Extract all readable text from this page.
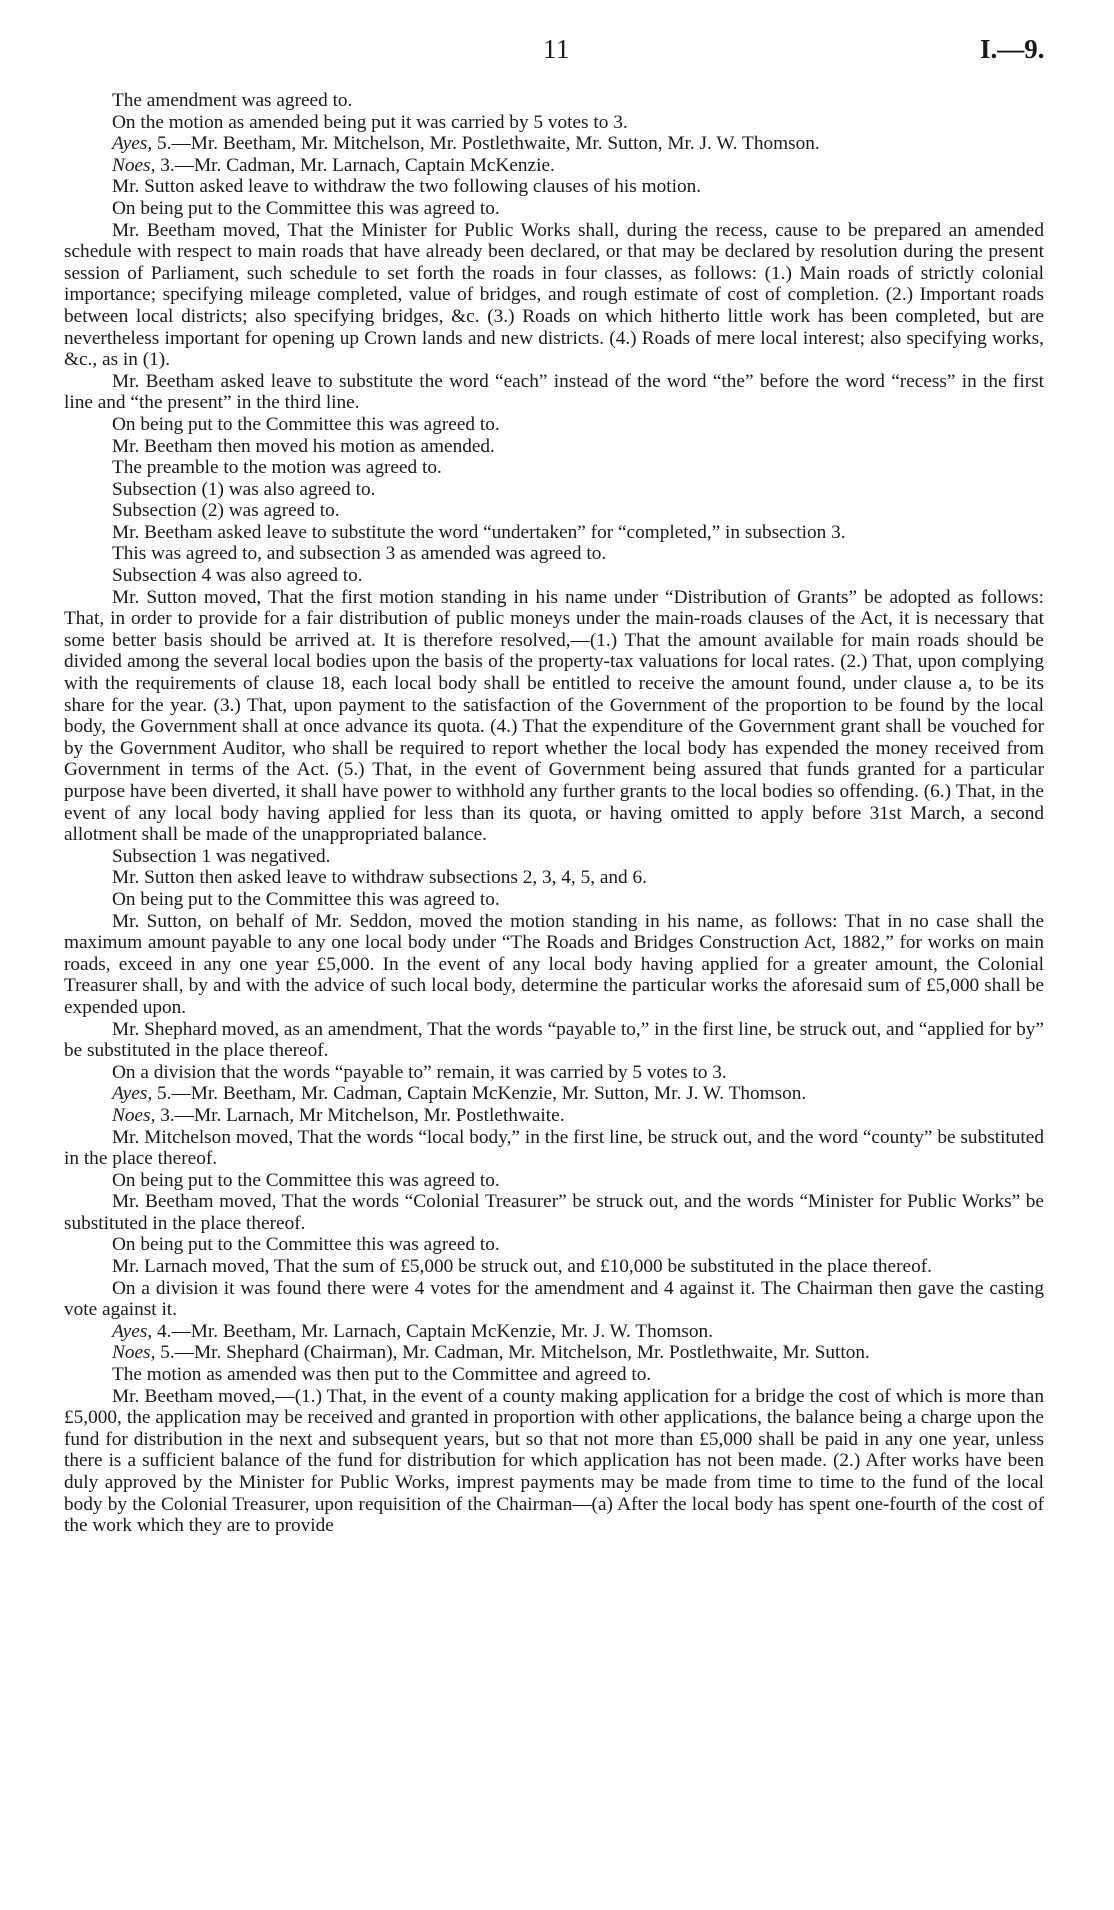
11	I.—9.

The amendment was agreed to.

On the motion as amended being put it was carried by 5 votes to 3.

Ayes, 5.—Mr. Beetham, Mr. Mitchelson, Mr. Postlethwaite, Mr. Sutton, Mr. J. W. Thomson.

Noes, 3.—Mr. Cadman, Mr. Larnach, Captain McKenzie.

Mr. Sutton asked leave to withdraw the two following clauses of his motion.

On being put to the Committee this was agreed to.

Mr. Beetham moved, That the Minister for Public Works shall, during the recess, cause to be prepared an amended schedule with respect to main roads that have already been declared, or that may be declared by resolution during the present session of Parliament, such schedule to set forth the roads in four classes, as follows: (1.) Main roads of strictly colonial importance; specifying mileage completed, value of bridges, and rough estimate of cost of completion. (2.) Important roads between local districts; also specifying bridges, &c. (3.) Roads on which hitherto little work has been completed, but are nevertheless important for opening up Crown lands and new districts. (4.) Roads of mere local interest; also specifying works, &c., as in (1).

Mr. Beetham asked leave to substitute the word “each” instead of the word “the” before the word “recess” in the first line and “the present” in the third line.

On being put to the Committee this was agreed to.

Mr. Beetham then moved his motion as amended.

The preamble to the motion was agreed to.

Subsection (1) was also agreed to.

Subsection (2) was agreed to.

Mr. Beetham asked leave to substitute the word “undertaken” for “completed,” in subsection 3.

This was agreed to, and subsection 3 as amended was agreed to.

Subsection 4 was also agreed to.

Mr. Sutton moved, That the first motion standing in his name under “Distribution of Grants” be adopted as follows: That, in order to provide for a fair distribution of public moneys under the main-roads clauses of the Act, it is necessary that some better basis should be arrived at. It is therefore resolved,—(1.) That the amount available for main roads should be divided among the several local bodies upon the basis of the property-tax valuations for local rates. (2.) That, upon complying with the requirements of clause 18, each local body shall be entitled to receive the amount found, under clause a, to be its share for the year. (3.) That, upon payment to the satisfaction of the Government of the proportion to be found by the local body, the Government shall at once advance its quota. (4.) That the expenditure of the Government grant shall be vouched for by the Government Auditor, who shall be required to report whether the local body has expended the money received from Government in terms of the Act. (5.) That, in the event of Government being assured that funds granted for a particular purpose have been diverted, it shall have power to withhold any further grants to the local bodies so offending. (6.) That, in the event of any local body having applied for less than its quota, or having omitted to apply before 31st March, a second allotment shall be made of the unappropriated balance.

Subsection 1 was negatived.

Mr. Sutton then asked leave to withdraw subsections 2, 3, 4, 5, and 6.

On being put to the Committee this was agreed to.

Mr. Sutton, on behalf of Mr. Seddon, moved the motion standing in his name, as follows: That in no case shall the maximum amount payable to any one local body under “The Roads and Bridges Construction Act, 1882,” for works on main roads, exceed in any one year £5,000. In the event of any local body having applied for a greater amount, the Colonial Treasurer shall, by and with the advice of such local body, determine the particular works the aforesaid sum of £5,000 shall be expended upon.

Mr. Shephard moved, as an amendment, That the words “payable to,” in the first line, be struck out, and “applied for by” be substituted in the place thereof.

On a division that the words “payable to” remain, it was carried by 5 votes to 3.

Ayes, 5.—Mr. Beetham, Mr. Cadman, Captain McKenzie, Mr. Sutton, Mr. J. W. Thomson.

Noes, 3.—Mr. Larnach, Mr Mitchelson, Mr. Postlethwaite.

Mr. Mitchelson moved, That the words “local body,” in the first line, be struck out, and the word “county” be substituted in the place thereof.

On being put to the Committee this was agreed to.

Mr. Beetham moved, That the words “Colonial Treasurer” be struck out, and the words “Minister for Public Works” be substituted in the place thereof.

On being put to the Committee this was agreed to.

Mr. Larnach moved, That the sum of £5,000 be struck out, and £10,000 be substituted in the place thereof.

On a division it was found there were 4 votes for the amendment and 4 against it. The Chairman then gave the casting vote against it.

Ayes, 4.—Mr. Beetham, Mr. Larnach, Captain McKenzie, Mr. J. W. Thomson.

Noes, 5.—Mr. Shephard (Chairman), Mr. Cadman, Mr. Mitchelson, Mr. Postlethwaite, Mr. Sutton.

The motion as amended was then put to the Committee and agreed to.

Mr. Beetham moved,—(1.) That, in the event of a county making application for a bridge the cost of which is more than £5,000, the application may be received and granted in proportion with other applications, the balance being a charge upon the fund for distribution in the next and subsequent years, but so that not more than £5,000 shall be paid in any one year, unless there is a sufficient balance of the fund for distribution for which application has not been made. (2.) After works have been duly approved by the Minister for Public Works, imprest payments may be made from time to time to the fund of the local body by the Colonial Treasurer, upon requisition of the Chairman—(a) After the local body has spent one-fourth of the cost of the work which they are to provide
